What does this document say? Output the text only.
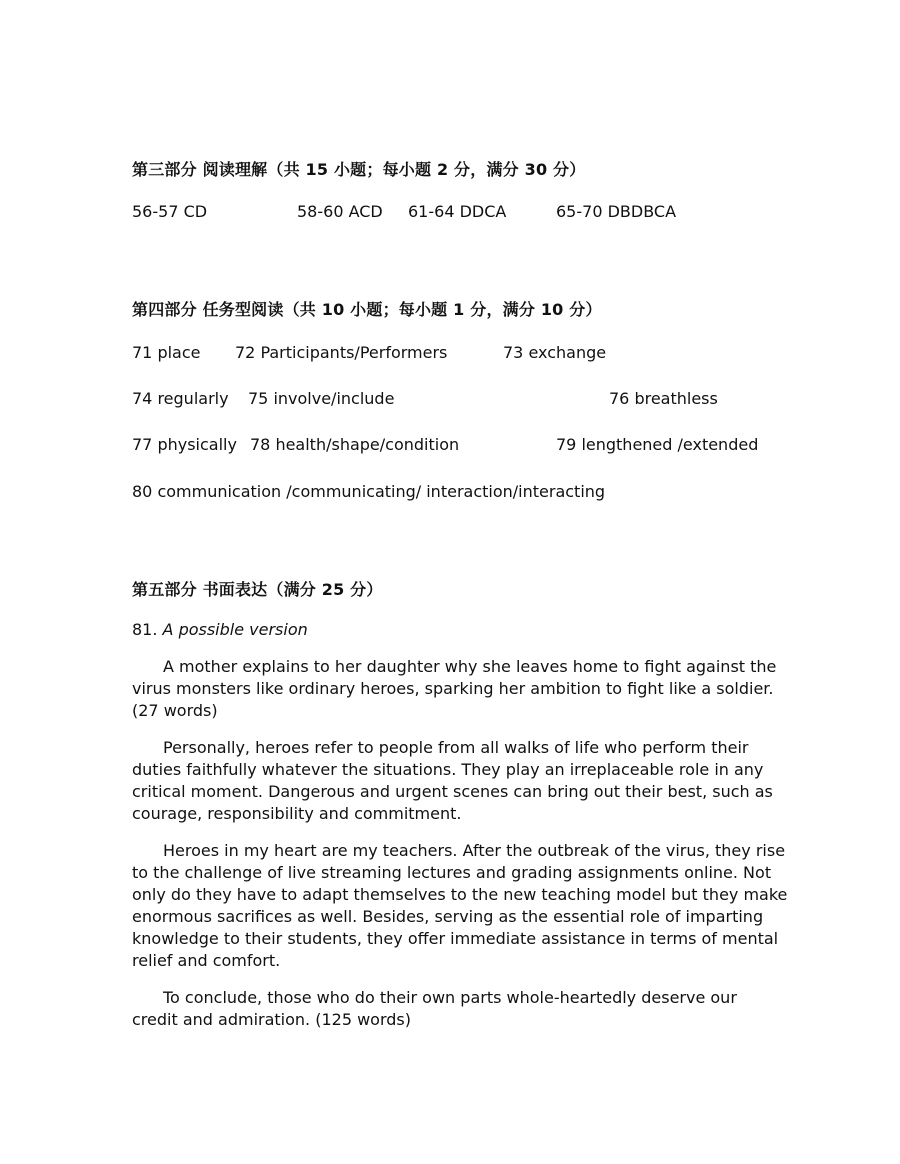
第三部分 阅读理解（共 15 小题；每小题 2 分，满分 30 分）
56-57 CD	58-60 ACD 61-64 DDCA	65-70 DBDBCA
第四部分 任务型阅读（共 10 小题；每小题 1 分，满分 10 分）
71 place 72 Participants/Performers	73 exchange
74 regularly 75 involve/include	76 breathless
77 physically 78 health/shape/condition	79 lengthened /extended
80 communication /communicating/ interaction/interacting
第五部分 书面表达（满分 25 分）
81. A possible version
A mother explains to her daughter why she leaves home to fight against the
virus monsters like ordinary heroes, sparking her ambition to fight like a soldier.
(27 words)
Personally, heroes refer to people from all walks of life who perform their
duties faithfully whatever the situations. They play an irreplaceable role in any
critical moment. Dangerous and urgent scenes can bring out their best, such as
courage, responsibility and commitment.
Heroes in my heart are my teachers. After the outbreak of the virus, they rise
to the challenge of live streaming lectures and grading assignments online. Not
only do they have to adapt themselves to the new teaching model but they make
enormous sacrifices as well. Besides, serving as the essential role of imparting
knowledge to their students, they offer immediate assistance in terms of mental
relief and comfort.
To conclude, those who do their own parts whole-heartedly deserve our
credit and admiration. (125 words)
